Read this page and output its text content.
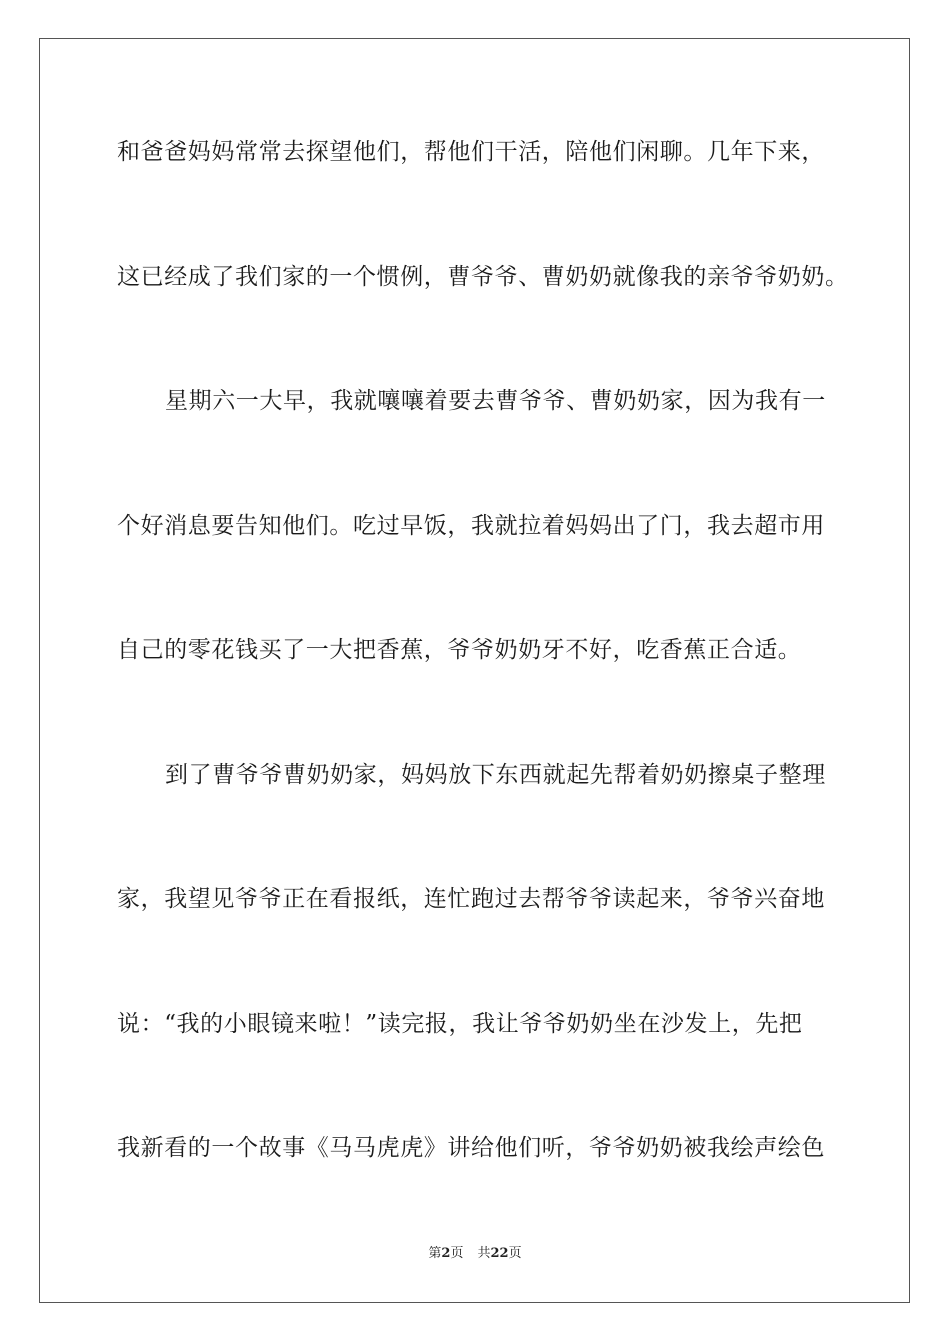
和爸爸妈妈常常去探望他们，帮他们干活，陪他们闲聊。几年下来，
这已经成了我们家的一个惯例，曹爷爷、曹奶奶就像我的亲爷爷奶奶。
星期六一大早，我就嚷嚷着要去曹爷爷、曹奶奶家，因为我有一
个好消息要告知他们。吃过早饭，我就拉着妈妈出了门，我去超市用
自己的零花钱买了一大把香蕉，爷爷奶奶牙不好，吃香蕉正合适。
到了曹爷爷曹奶奶家，妈妈放下东西就起先帮着奶奶擦桌子整理
家，我望见爷爷正在看报纸，连忙跑过去帮爷爷读起来，爷爷兴奋地
说：“我的小眼镜来啦！”读完报，我让爷爷奶奶坐在沙发上，先把
我新看的一个故事《马马虎虎》讲给他们听，爷爷奶奶被我绘声绘色
第2页 共22页
